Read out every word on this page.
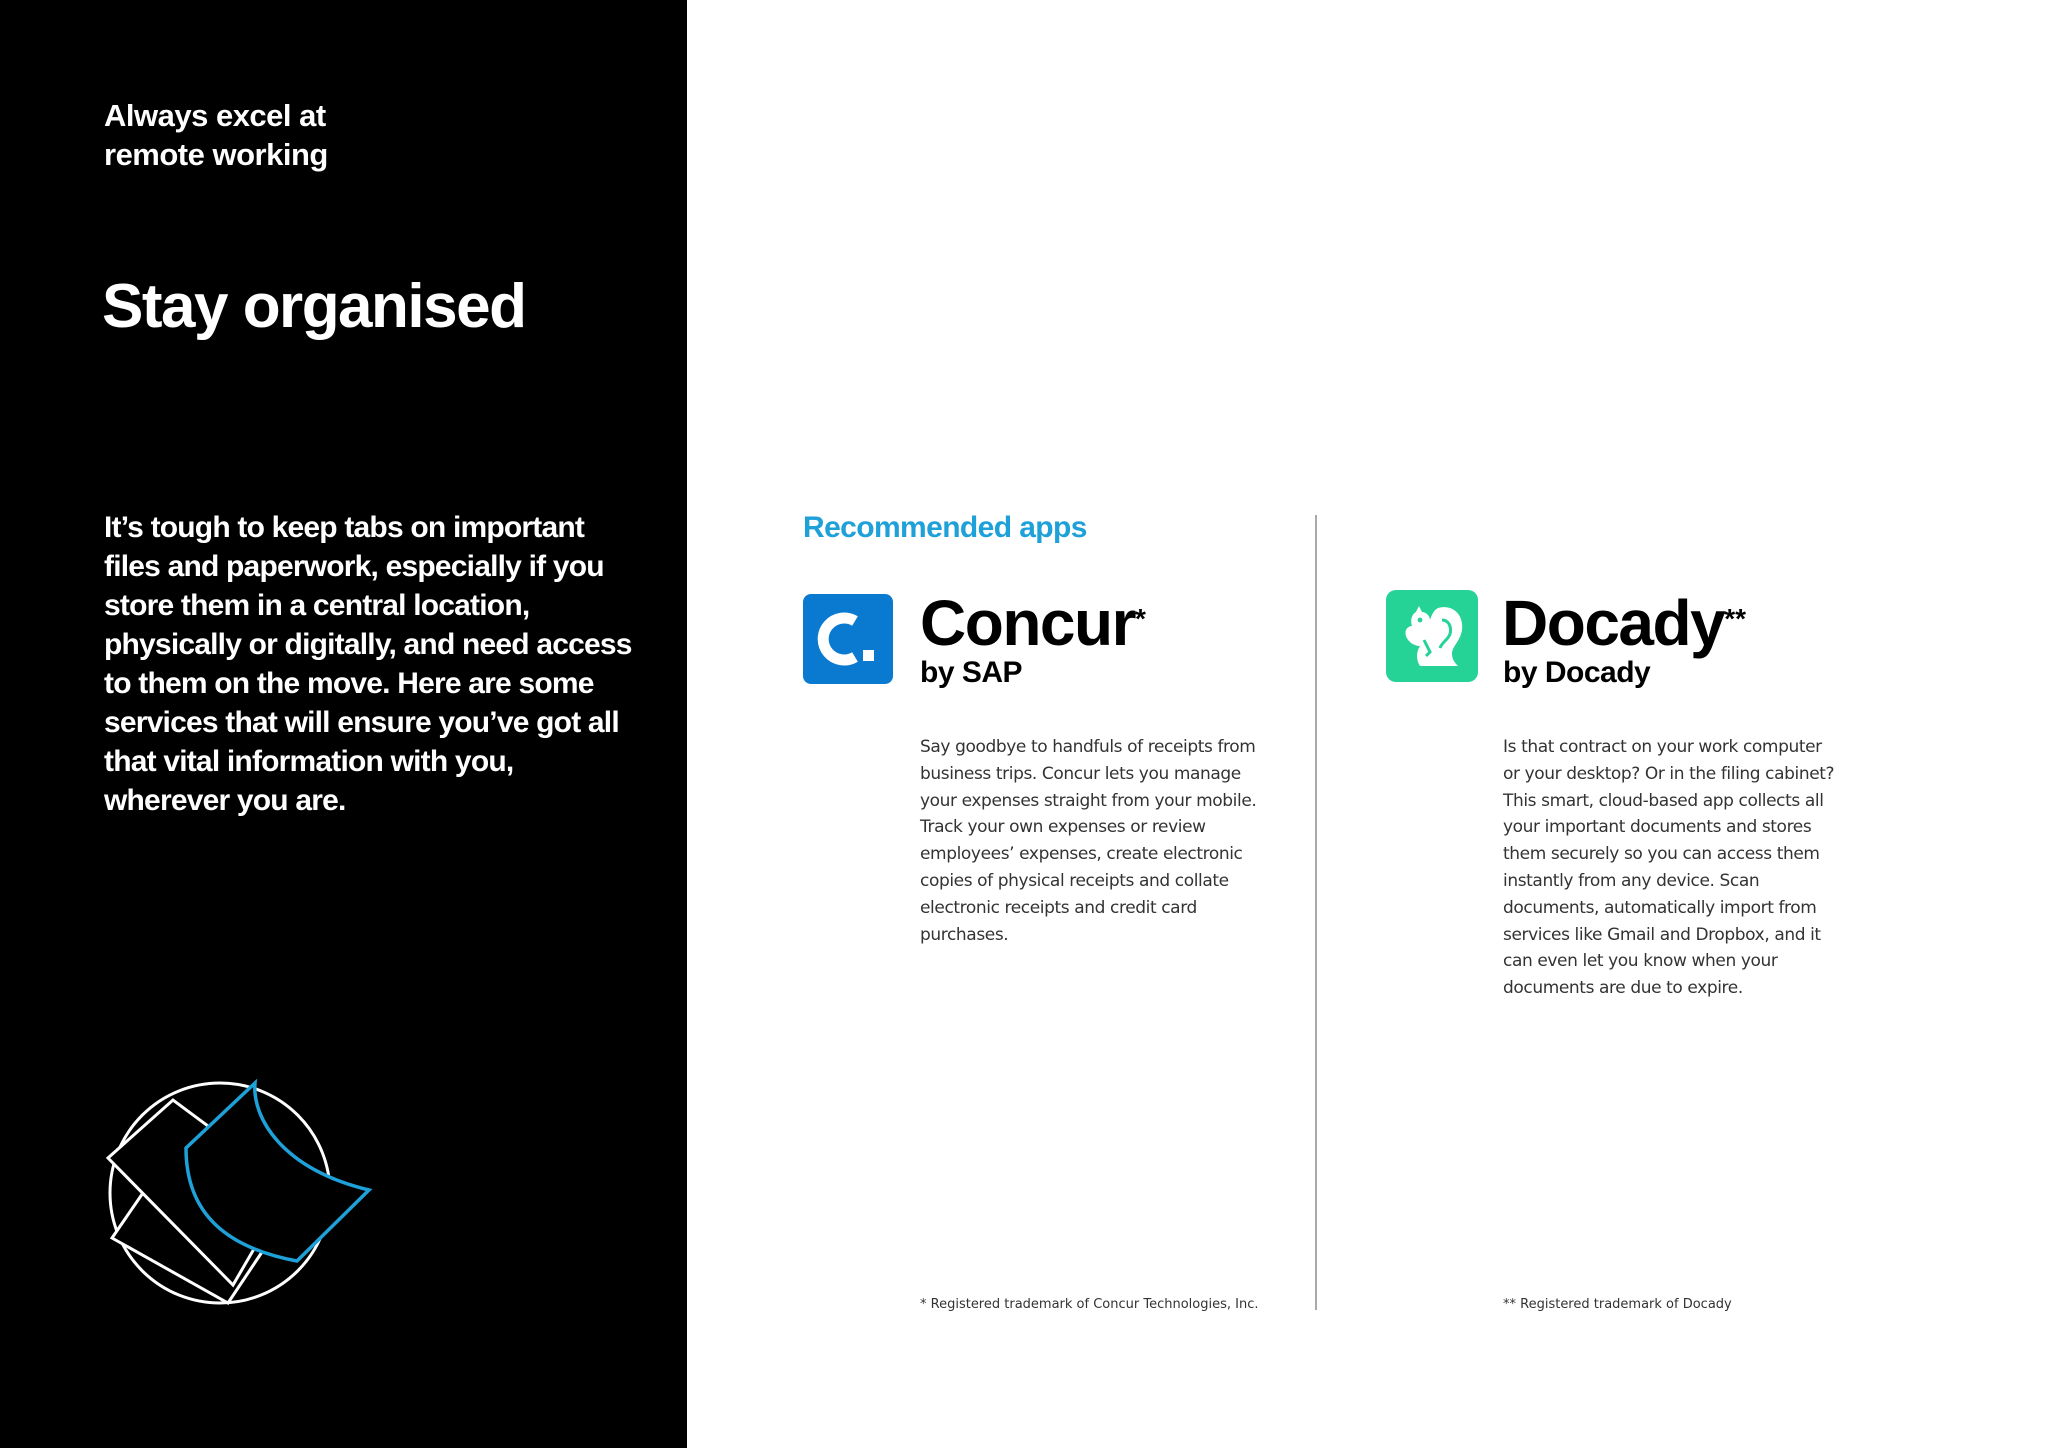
Always excel at
remote working
Stay organised
It’s tough to keep tabs on important files and paperwork, especially if you store them in a central location, physically or digitally, and need access to them on the move. Here are some services that will ensure you’ve got all that vital information with you, wherever you are.
Recommended apps
Concur*
by SAP
Say goodbye to handfuls of receipts from business trips. Concur lets you manage your expenses straight from your mobile. Track your own expenses or review employees’ expenses, create electronic copies of physical receipts and collate electronic receipts and credit card purchases.
* Registered trademark of Concur Technologies, Inc.
Docady**
by Docady
Is that contract on your work computer or your desktop? Or in the filing cabinet? This smart, cloud-based app collects all your important documents and stores them securely so you can access them instantly from any device. Scan documents, automatically import from services like Gmail and Dropbox, and it can even let you know when your documents are due to expire.
** Registered trademark of Docady
